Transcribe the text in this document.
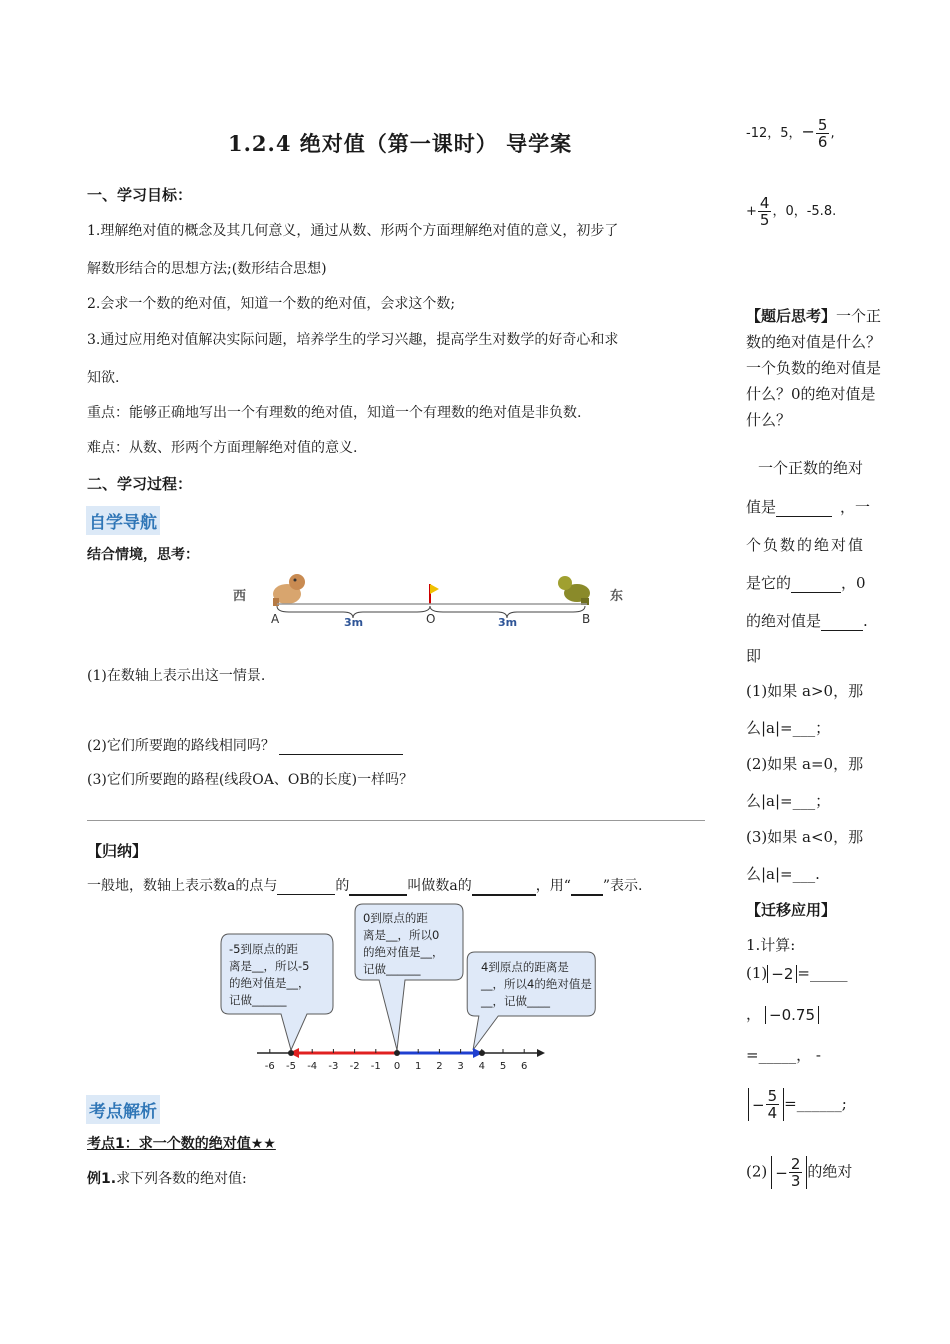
1.2.4 绝对值（第一课时） 导学案
一、学习目标：
1.理解绝对值的概念及其几何意义，通过从数、形两个方面理解绝对值的意义，初步了
解数形结合的思想方法;(数形结合思想)
2.会求一个数的绝对值，知道一个数的绝对值，会求这个数;
3.通过应用绝对值解决实际问题，培养学生的学习兴趣，提高学生对数学的好奇心和求
知欲.
重点：能够正确地写出一个有理数的绝对值，知道一个有理数的绝对值是非负数.
难点：从数、形两个方面理解绝对值的意义.
二、学习过程：
自学导航
结合情境，思考：
西	东
A	O	B
3m	3m
(1)在数轴上表示出这一情景.
(2)它们所要跑的路线相同吗？
(3)它们所要跑的路程(线段OA、OB的长度)一样吗？
【归纳】
一般地，数轴上表示数a的点与	的	叫做数a的	，用“ ”表示.
-5到原点的距 离是__，所以-5 的绝对值是__， 记做______
0到原点的距 离是__，所以0 的绝对值是__， 记做______	4到原点的距离是 __，所以4的绝对值是 __，记做____
-6 -5 -4 -3 -2 -1 0 1 2 3 4 5 6
考点解析
考点1：求一个数的绝对值★★
例1.求下列各数的绝对值:
-12，5，− $\frac{5}{6}$ ,
+ $\frac{4}{5}$ ，0，-5.8.
【题后思考】一个正数的绝对值是什么？一个负数的绝对值是什么？0的绝对值是什么？
一个正数的绝对
值是	，一
个负数的绝对值
是它的	，0
的绝对值是	.
即
(1)如果 a>0，那
么|a|=___；
(2)如果 a=0，那
么|a|=___；
(3)如果 a<0，那
么|a|=___.
【迁移应用】
1.计算:
(1) −2 =_____
， −0.75
=_____， -
− $\frac{5}{4}$ =______;
$(2) - \frac{2}{3}$ 的绝对
